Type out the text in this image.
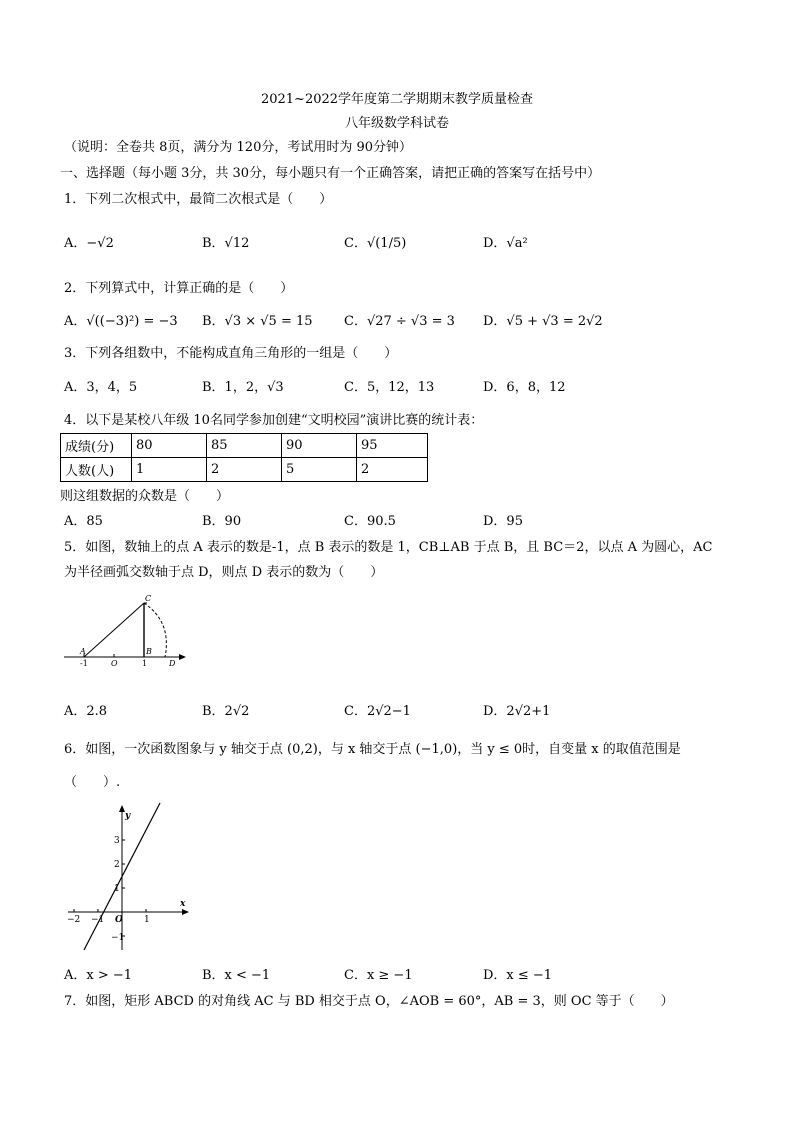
2021~2022学年度第二学期期末教学质量检查
八年级数学科试卷
（说明：全卷共 8页，满分为 120分，考试用时为 90分钟）
一、选择题（每小题 3分，共 30分，每小题只有一个正确答案，请把正确的答案写在括号中）
1．下列二次根式中，最简二次根式是（　　）
A．−√2	B．√12	C．√(1/5)	D．√a²
2．下列算式中，计算正确的是（　　）
A．√((−3)²) = −3 B．√3 × √5 = 15 C．√27 ÷ √3 = 3 D．√5 + √3 = 2√2
3．下列各组数中，不能构成直角三角形的一组是（　　）
A．3，4，5	B．1，2，√3	C．5，12，13	D．6，8，12
4．以下是某校八年级 10名同学参加创建“文明校园”演讲比赛的统计表：
成绩(分)	80	85	90	95
人数(人)	1	2	5	2
则这组数据的众数是（　　）
A．85	B．90	C．90.5	D．95
5．如图，数轴上的点 A 表示的数是-1，点 B 表示的数是 1，CB⊥AB 于点 B，且 BC＝2，以点 A 为圆心，AC
为半径画弧交数轴于点 D，则点 D 表示的数为（　　）
A
C
B
D
-1	O	1
A．2.8	B．2√2	C．2√2−1	D．2√2+1
6．如图，一次函数图象与 y 轴交于点 (0,2)，与 x 轴交于点 (−1,0)，当 y ≤ 0时，自变量 x 的取值范围是
（　　）.
y
x
O
3
2
1
−1
−2 −1	1
A．x > −1	B．x < −1	C．x ≥ −1	D．x ≤ −1
7．如图，矩形 ABCD 的对角线 AC 与 BD 相交于点 O，∠AOB = 60°，AB = 3，则 OC 等于（　　）
